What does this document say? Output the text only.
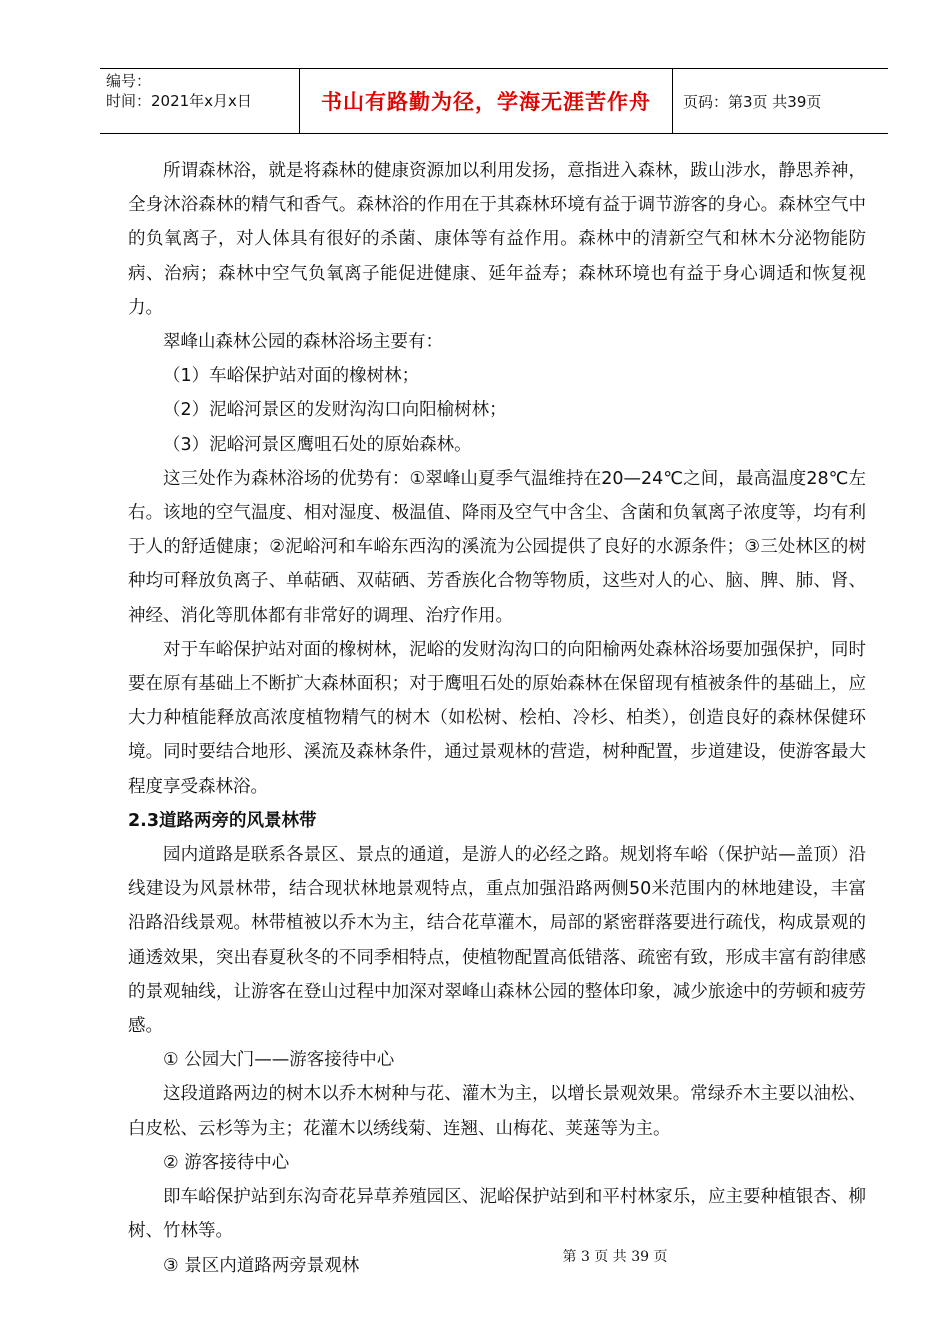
编号：
时间：2021年x月x日	书山有路勤为径，学海无涯苦作舟	页码：第3页 共39页

所谓森林浴，就是将森林的健康资源加以利用发扬，意指进入森林，跋山涉水，静思养神，全身沐浴森林的精气和香气。森林浴的作用在于其森林环境有益于调节游客的身心。森林空气中的负氧离子，对人体具有很好的杀菌、康体等有益作用。森林中的清新空气和林木分泌物能防病、治病；森林中空气负氧离子能促进健康、延年益寿；森林环境也有益于身心调适和恢复视力。

翠峰山森林公园的森林浴场主要有：

（1）车峪保护站对面的橡树林；

（2）泥峪河景区的发财沟沟口向阳榆树林；

（3）泥峪河景区鹰咀石处的原始森林。

这三处作为森林浴场的优势有：①翠峰山夏季气温维持在20—24℃之间，最高温度28℃左右。该地的空气温度、相对湿度、极温值、降雨及空气中含尘、含菌和负氧离子浓度等，均有利于人的舒适健康；②泥峪河和车峪东西沟的溪流为公园提供了良好的水源条件；③三处林区的树种均可释放负离子、单萜硒、双萜硒、芳香族化合物等物质，这些对人的心、脑、脾、肺、肾、神经、消化等肌体都有非常好的调理、治疗作用。

对于车峪保护站对面的橡树林，泥峪的发财沟沟口的向阳榆两处森林浴场要加强保护，同时要在原有基础上不断扩大森林面积；对于鹰咀石处的原始森林在保留现有植被条件的基础上，应大力种植能释放高浓度植物精气的树木（如松树、桧柏、冷杉、柏类），创造良好的森林保健环境。同时要结合地形、溪流及森林条件，通过景观林的营造，树种配置，步道建设，使游客最大程度享受森林浴。

2.3道路两旁的风景林带

园内道路是联系各景区、景点的通道，是游人的必经之路。规划将车峪（保护站—盖顶）沿线建设为风景林带，结合现状林地景观特点，重点加强沿路两侧50米范围内的林地建设，丰富沿路沿线景观。林带植被以乔木为主，结合花草灌木，局部的紧密群落要进行疏伐，构成景观的通透效果，突出春夏秋冬的不同季相特点，使植物配置高低错落、疏密有致，形成丰富有韵律感的景观轴线，让游客在登山过程中加深对翠峰山森林公园的整体印象，减少旅途中的劳顿和疲劳感。

① 公园大门——游客接待中心

这段道路两边的树木以乔木树种与花、灌木为主，以增长景观效果。常绿乔木主要以油松、白皮松、云杉等为主；花灌木以绣线菊、连翘、山梅花、荚蒾等为主。

② 游客接待中心

即车峪保护站到东沟奇花异草养殖园区、泥峪保护站到和平村林家乐，应主要种植银杏、柳树、竹林等。

③ 景区内道路两旁景观林	第 3 页 共 39 页
